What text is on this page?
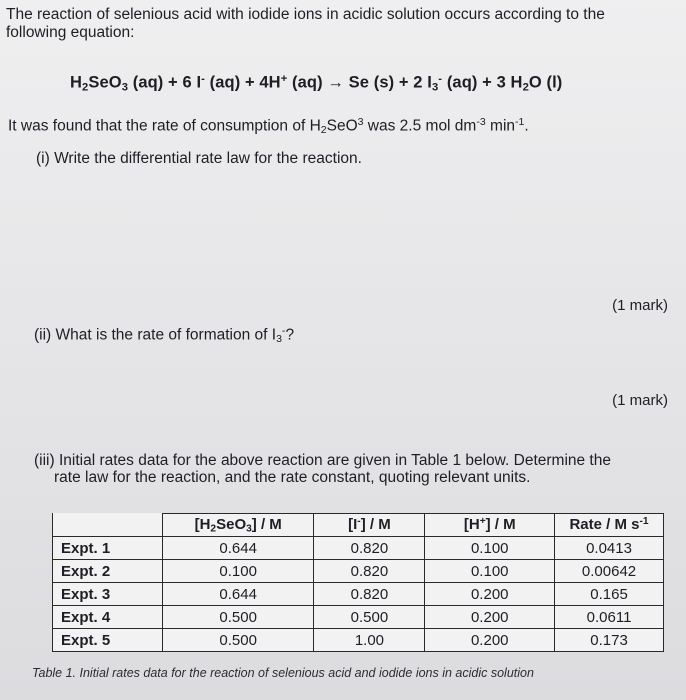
The reaction of selenious acid with iodide ions in acidic solution occurs according to the
following equation:
$H_2SeO_3$ (aq) + 6 I- (aq) + 4H+ (aq) → Se (s) + 2 $I_3^-$ (aq) + 3 $H_2O$ (l)
It was found that the rate of consumption of $H_2SeO^3$ was 2.5 mol $dm^{-3}$ $\min^{-1}$.
(i) Write the differential rate law for the reaction.
(1 mark)
(ii) What is the rate of formation of $I_3^-$?
(1 mark)
(iii) Initial rates data for the above reaction are given in Table 1 below. Determine the
rate law for the reaction, and the rate constant, quoting relevant units.
	$[H_2SeO_3]$ / M	[I-] / M	[H+] / M	Rate / M $s^{-1}$
Expt. 1	0.644	0.820	0.100	0.0413
Expt. 2	0.100	0.820	0.100	0.00642
Expt. 3	0.644	0.820	0.200	0.165
Expt. 4	0.500	0.500	0.200	0.0611
Expt. 5	0.500	1.00	0.200	0.173
Table 1. Initial rates data for the reaction of selenious acid and iodide ions in acidic solution
